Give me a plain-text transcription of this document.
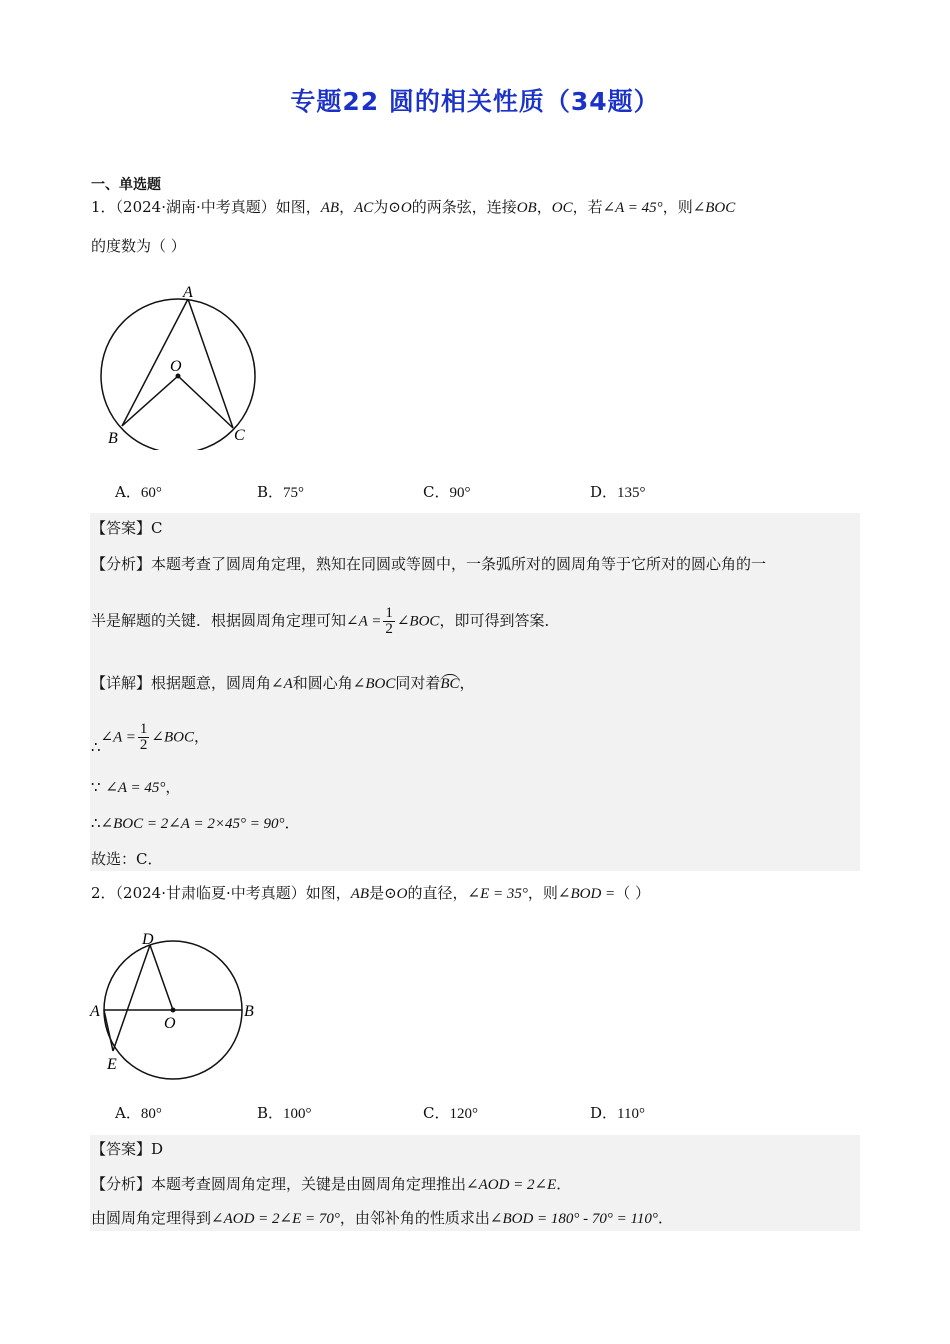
专题22 圆的相关性质（34题）
一、单选题
1．（2024·湖南·中考真题）如图，AB，AC为⊙O的两条弦，连接OB，OC，若∠A = 45°，则∠BOC
的度数为（ ）
A
O
B	C
A．60°	B．75°	C．90°	D．135°
【答案】C
【分析】本题考查了圆周角定理，熟知在同圆或等圆中，一条弧所对的圆周角等于它所对的圆心角的一
半是解题的关键．根据圆周角定理可知∠A = $\frac{1}{2}$ ∠BOC，即可得到答案．
【详解】根据题意，圆周角∠A和圆心角∠BOC同对着BC，
∴∠A = $\frac{1}{2}$ ∠BOC，
∵ ∠A = 45°，
∴∠BOC = 2∠A = 2×45° = 90°．
故选：C．
2．（2024·甘肃临夏·中考真题）如图，AB是⊙O的直径，∠E = 35°，则∠BOD =（ ）
D
A
O
B
E
A．80°	B．100°	C．120°	D．110°
【答案】D
【分析】本题考查圆周角定理，关键是由圆周角定理推出∠AOD = 2∠E．
由圆周角定理得到∠AOD = 2∠E = 70°，由邻补角的性质求出∠BOD = 180° - 70° = 110°．
